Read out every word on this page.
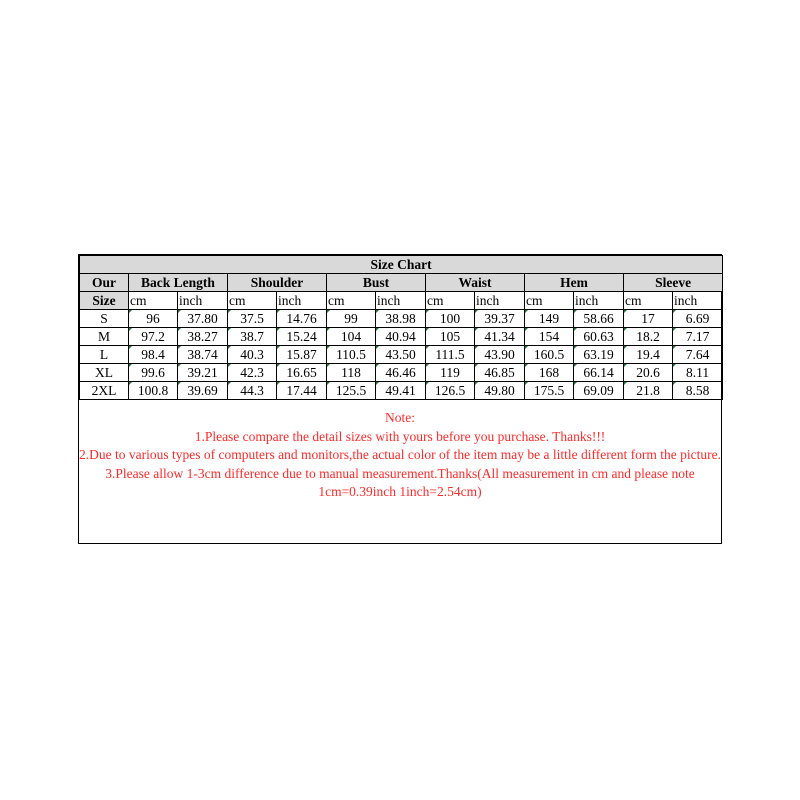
Size Chart												
Our	Back Length		Shoulder		Bust		Waist		Hem		Sleeve	
Size	cm	inch	cm	inch	cm	inch	cm	inch	cm	inch	cm	inch
S	96	37.80	37.5	14.76	99	38.98	100	39.37	149	58.66	17	6.69
M	97.2	38.27	38.7	15.24	104	40.94	105	41.34	154	60.63	18.2	7.17
L	98.4	38.74	40.3	15.87	110.5	43.50	111.5	43.90	160.5	63.19	19.4	7.64
XL	99.6	39.21	42.3	16.65	118	46.46	119	46.85	168	66.14	20.6	8.11
2XL	100.8	39.69	44.3	17.44	125.5	49.41	126.5	49.80	175.5	69.09	21.8	8.58
Note:
1.Please compare the detail sizes with yours before you purchase. Thanks!!!
2.Due to various types of computers and monitors,the actual color of the item may be a little different form the picture.
3.Please allow 1-3cm difference due to manual measurement.Thanks(All measurement in cm and please note 1cm=0.39inch 1inch=2.54cm)
